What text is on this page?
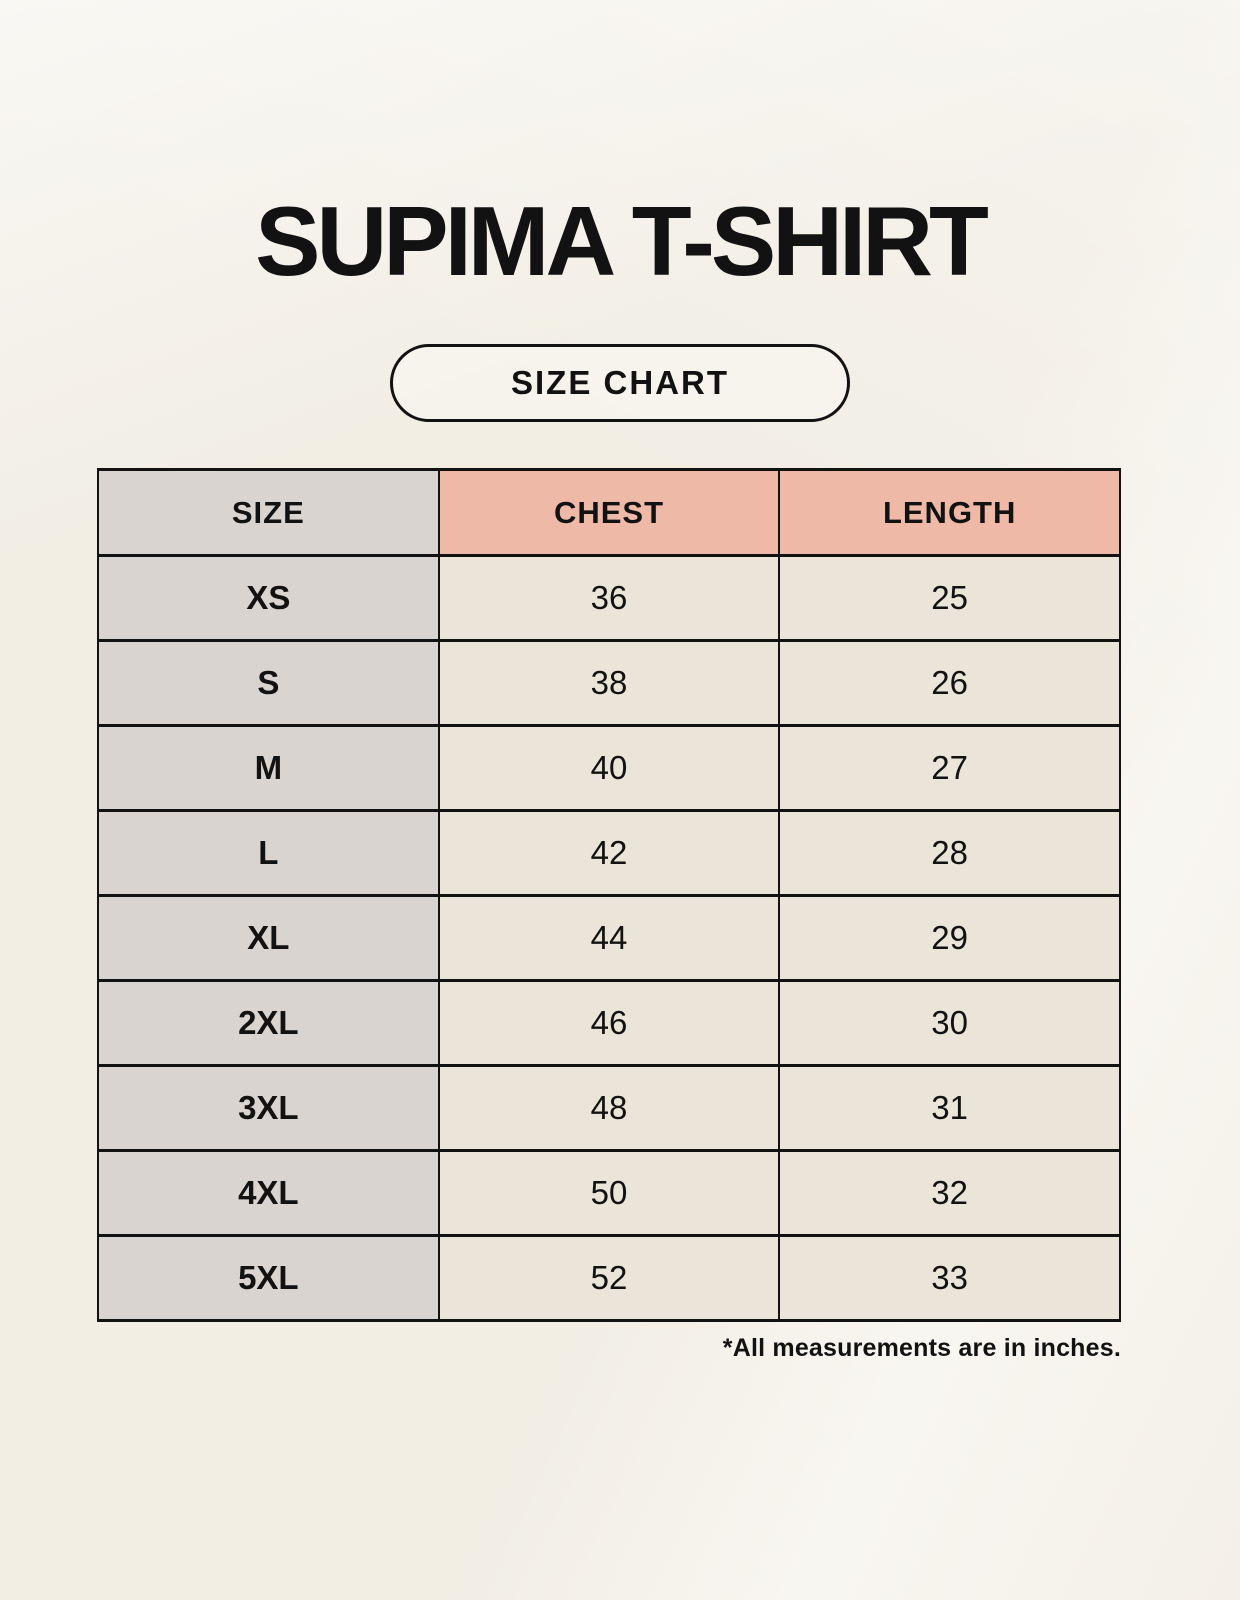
SUPIMA T-SHIRT
SIZE CHART
SIZE	CHEST	LENGTH
XS	36	25
S	38	26
M	40	27
L	42	28
XL	44	29
2XL	46	30
3XL	48	31
4XL	50	32
5XL	52	33
*All measurements are in inches.
